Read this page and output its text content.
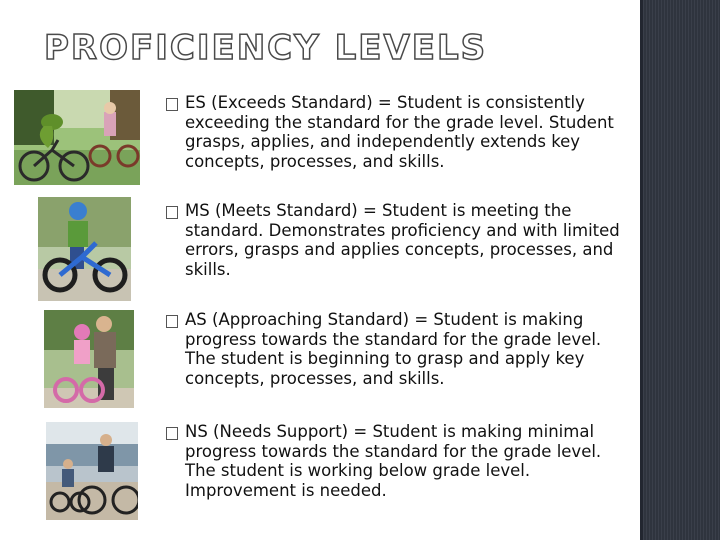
PROFICIENCY LEVELS

ES (Exceeds Standard) = Student is consistently exceeding the standard for the grade level. Student grasps, applies, and independently extends key concepts, processes, and skills.

MS (Meets Standard) = Student is meeting the standard. Demonstrates proficiency and with limited errors, grasps and applies concepts, processes, and skills.

AS (Approaching Standard) = Student is making progress towards the standard for the grade level. The student is beginning to grasp and apply key concepts, processes, and skills.

NS (Needs Support) = Student is making minimal progress towards the standard for the grade level. The student is working below grade level. Improvement is needed.
